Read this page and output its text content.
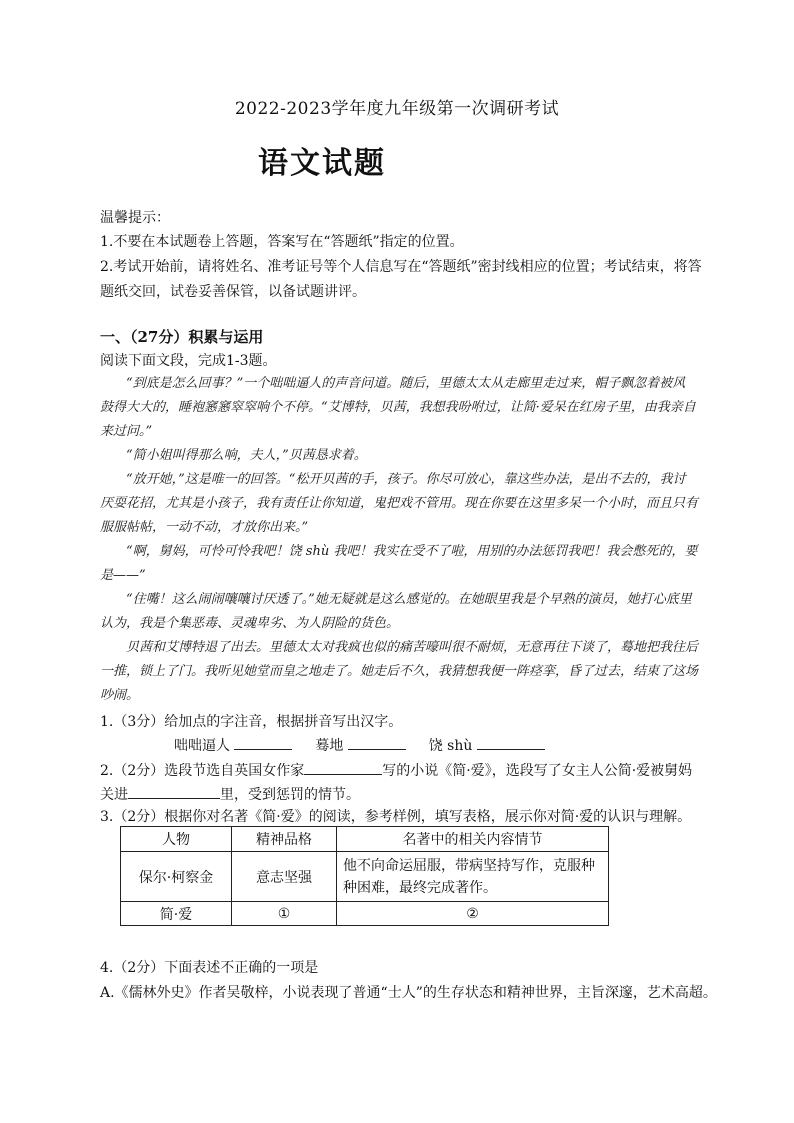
2022-2023学年度九年级第一次调研考试
语文试题
温馨提示：
1.不要在本试题卷上答题，答案写在“答题纸”指定的位置。
2.考试开始前，请将姓名、准考证号等个人信息写在“答题纸”密封线相应的位置；考试结束，将答
题纸交回，试卷妥善保管，以备试题讲评。
一、（27分）积累与运用
阅读下面文段，完成1-3题。
“到底是怎么回事？”一个咄咄逼人的声音问道。随后，里德太太从走廊里走过来，帽子飘忽着被风
鼓得大大的，睡袍窸窸窣窣响个不停。“艾博特，贝茜，我想我吩咐过，让简·爱呆在红房子里，由我亲自
来过问。”
“简小姐叫得那么响，夫人，”贝茜恳求着。
“放开她，”这是唯一的回答。“松开贝茜的手，孩子。你尽可放心，靠这些办法，是出不去的，我讨
厌耍花招，尤其是小孩子，我有责任让你知道，鬼把戏不管用。现在你要在这里多呆一个小时，而且只有
服服帖帖，一动不动，才放你出来。”
“啊，舅妈，可怜可怜我吧！饶 shù 我吧！我实在受不了啦，用别的办法惩罚我吧！我会憋死的，要
是——”
“住嘴！这么闹闹嚷嚷讨厌透了。”她无疑就是这么感觉的。在她眼里我是个早熟的演员，她打心底里
认为，我是个集恶毒、灵魂卑劣、为人阴险的货色。
贝茜和艾博特退了出去。里德太太对我疯也似的痛苦嚎叫很不耐烦，无意再往下谈了，蓦地把我往后
一推，锁上了门。我听见她堂而皇之地走了。她走后不久，我猜想我便一阵痉挛，昏了过去，结束了这场
吵闹。
1.（3分）给加点的字注音，根据拼音写出汉字。
咄咄逼人	蓦地	饶 shù
2.（2分）选段节选自英国女作家	写的小说《简·爱》，选段写了女主人公简·爱被舅妈
关进	里，受到惩罚的情节。
3.（2分）根据你对名著《简·爱》的阅读，参考样例，填写表格，展示你对简·爱的认识与理解。
人物	精神品格	名著中的相关内容情节
保尔·柯察金	意志坚强	他不向命运屈服，带病坚持写作，克服种
种困难，最终完成著作。

简·爱	①	②
4.（2分）下面表述不正确的一项是
A.《儒林外史》作者吴敬梓，小说表现了普通“士人”的生存状态和精神世界，主旨深邃，艺术高超。
